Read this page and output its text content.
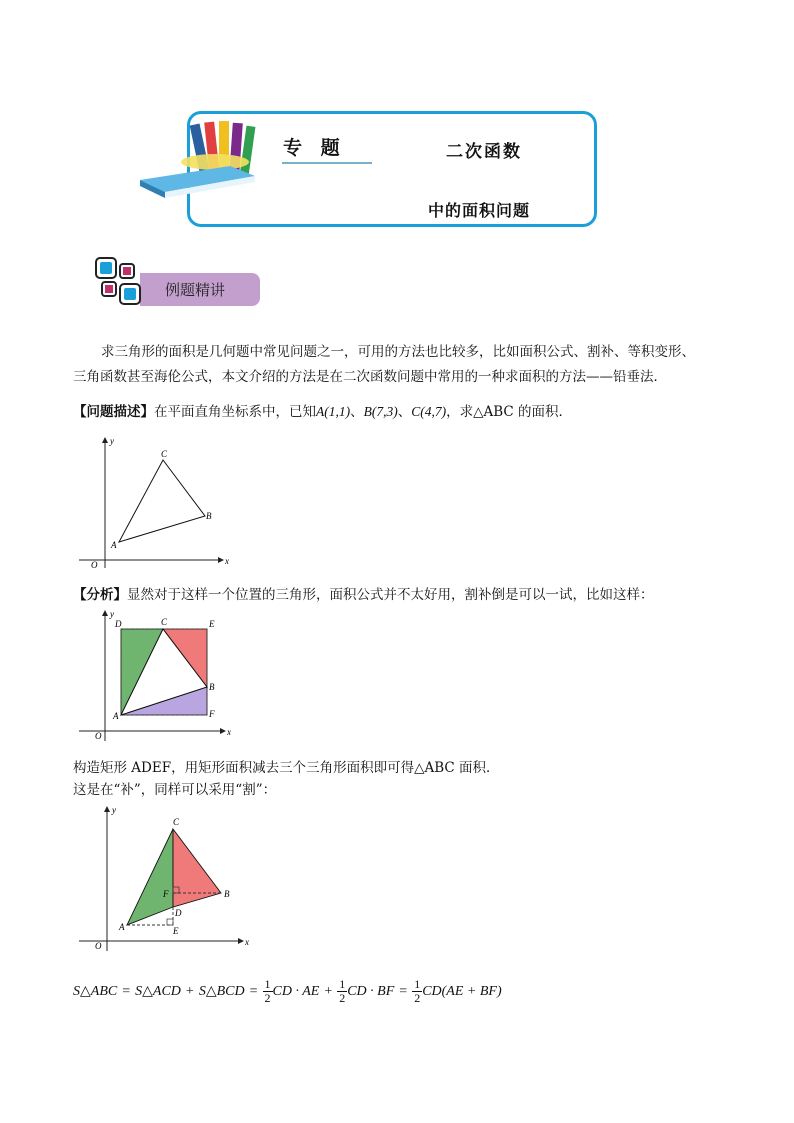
专 题	二次函数
中的面积问题
例题精讲
求三角形的面积是几何题中常见问题之一，可用的方法也比较多，比如面积公式、割补、等积变形、
三角函数甚至海伦公式，本文介绍的方法是在二次函数问题中常用的一种求面积的方法——铅垂法．
【问题描述】在平面直角坐标系中，已知A(1,1)、B(7,3)、C(4,7)，求△ABC 的面积．
x
y
O
A
B
C
【分析】显然对于这样一个位置的三角形，面积公式并不太好用，割补倒是可以一试，比如这样：
x
y
O
A
B
C
D	E
F
构造矩形 ADEF，用矩形面积减去三个三角形面积即可得△ABC 面积．
这是在“补”，同样可以采用“割”：
x
y
O
A
B
C
D
E
F
S△ABC = S△ACD + S△BCD = $\frac{1}{2}$ CD · AE + $\frac{1}{2}$ CD · BF = $\frac{1}{2} CD(AE + BF)$
